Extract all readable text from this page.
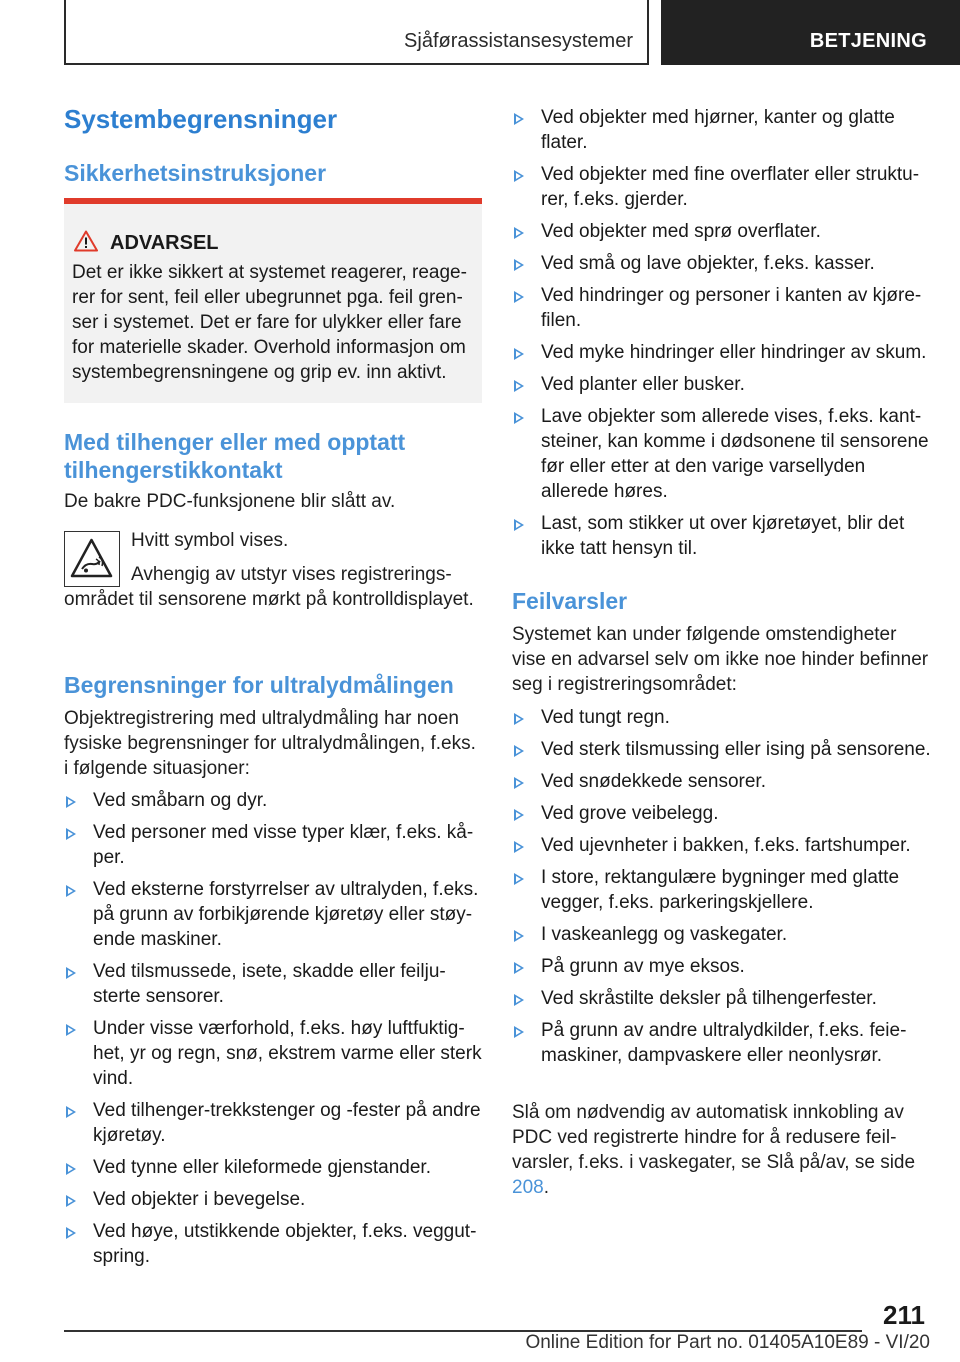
Sjåførassistansesystemer	BETJENING
Systembegrensninger
Sikkerhetsinstruksjoner
ADVARSEL
Det er ikke sikkert at systemet reagerer, reagerer for sent, feil eller ubegrunnet pga. feil grenser i systemet. Det er fare for ulykker eller fare for materielle skader. Overhold informasjon om systembegrensningene og grip ev. inn aktivt.
Med tilhenger eller med opptatt tilhengerstikkontakt

De bakre PDC-funksjonene blir slått av.

Hvitt symbol vises.

Avhengig av utstyr vises registreringsområdet til sensorene mørkt på kontrolldisplayet.

Begrensninger for ultralydmålingen

Objektregistrering med ultralydmåling har noen fysiske begrensninger for ultralydmålingen, f.eks. i følgende situasjoner:

Ved småbarn og dyr.
Ved personer med visse typer klær, f.eks. kåper.
Ved eksterne forstyrrelser av ultralyden, f.eks. på grunn av forbikjørende kjøretøy eller støyende maskiner.
Ved tilsmussede, isete, skadde eller feiljusterte sensorer.
Under visse værforhold, f.eks. høy luftfuktighet, yr og regn, snø, ekstrem varme eller sterk vind.
Ved tilhenger-trekkstenger og -fester på andre kjøretøy.
Ved tynne eller kileformede gjenstander.
Ved objekter i bevegelse.
Ved høye, utstikkende objekter, f.eks. veggutspring.
Ved objekter med hjørner, kanter og glatte flater.
Ved objekter med fine overflater eller strukturer, f.eks. gjerder.
Ved objekter med sprø overflater.
Ved små og lave objekter, f.eks. kasser.
Ved hindringer og personer i kanten av kjørefilen.
Ved myke hindringer eller hindringer av skum.
Ved planter eller busker.
Lave objekter som allerede vises, f.eks. kantsteiner, kan komme i dødsonene til sensorene før eller etter at den varige varsellyden allerede høres.
Last, som stikker ut over kjøretøyet, blir det ikke tatt hensyn til.
Feilvarsler

Systemet kan under følgende omstendigheter vise en advarsel selv om ikke noe hinder befinner seg i registreringsområdet:

Ved tungt regn.
Ved sterk tilsmussing eller ising på sensorene.
Ved snødekkede sensorer.
Ved grove veibelegg.
Ved ujevnheter i bakken, f.eks. fartshumper.
I store, rektangulære bygninger med glatte vegger, f.eks. parkeringskjellere.
I vaskeanlegg og vaskegater.
På grunn av mye eksos.
Ved skråstilte deksler på tilhengerfester.
På grunn av andre ultralydkilder, f.eks. feiemaskiner, dampvaskere eller neonlysrør.

Slå om nødvendig av automatisk innkobling av PDC ved registrerte hindre for å redusere feilvarsler, f.eks. i vaskegater, se Slå på/av, se side 208.

211
Online Edition for Part no. 01405A10E89 - VI/20
